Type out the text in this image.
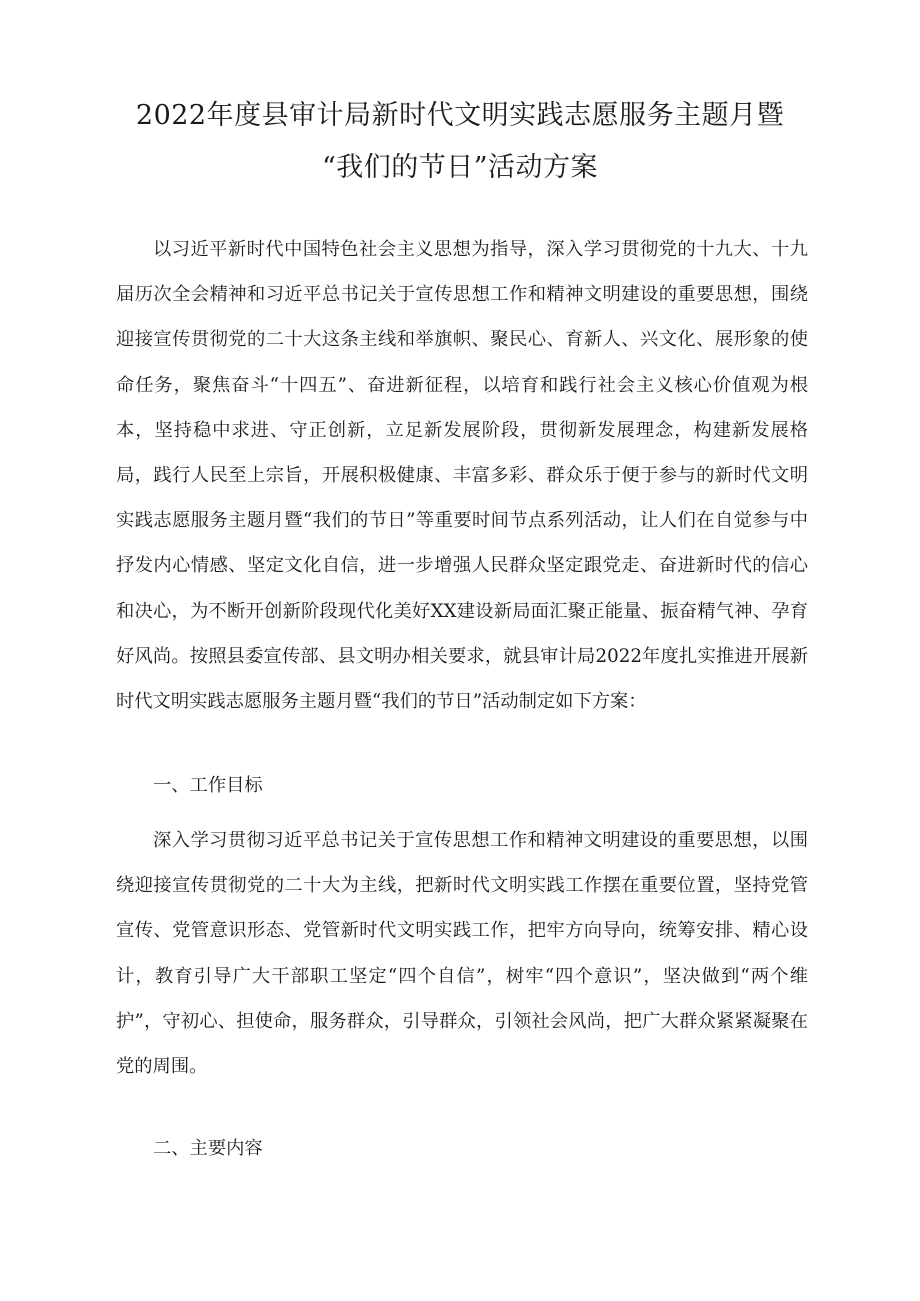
2022年度县审计局新时代文明实践志愿服务主题月暨
“我们的节日”活动方案

以习近平新时代中国特色社会主义思想为指导，深入学习贯彻党的十九大、十九届历次全会精神和习近平总书记关于宣传思想工作和精神文明建设的重要思想，围绕迎接宣传贯彻党的二十大这条主线和举旗帜、聚民心、育新人、兴文化、展形象的使命任务，聚焦奋斗“十四五”、奋进新征程，以培育和践行社会主义核心价值观为根本，坚持稳中求进、守正创新，立足新发展阶段，贯彻新发展理念，构建新发展格局，践行人民至上宗旨，开展积极健康、丰富多彩、群众乐于便于参与的新时代文明实践志愿服务主题月暨“我们的节日”等重要时间节点系列活动，让人们在自觉参与中抒发内心情感、坚定文化自信，进一步增强人民群众坚定跟党走、奋进新时代的信心和决心，为不断开创新阶段现代化美好XX建设新局面汇聚正能量、振奋精气神、孕育好风尚。按照县委宣传部、县文明办相关要求，就县审计局2022年度扎实推进开展新时代文明实践志愿服务主题月暨“我们的节日”活动制定如下方案：

一、工作目标

深入学习贯彻习近平总书记关于宣传思想工作和精神文明建设的重要思想，以围绕迎接宣传贯彻党的二十大为主线，把新时代文明实践工作摆在重要位置，坚持党管宣传、党管意识形态、党管新时代文明实践工作，把牢方向导向，统筹安排、精心设计，教育引导广大干部职工坚定“四个自信”，树牢“四个意识”，坚决做到“两个维护”，守初心、担使命，服务群众，引导群众，引领社会风尚，把广大群众紧紧凝聚在党的周围。

二、主要内容
